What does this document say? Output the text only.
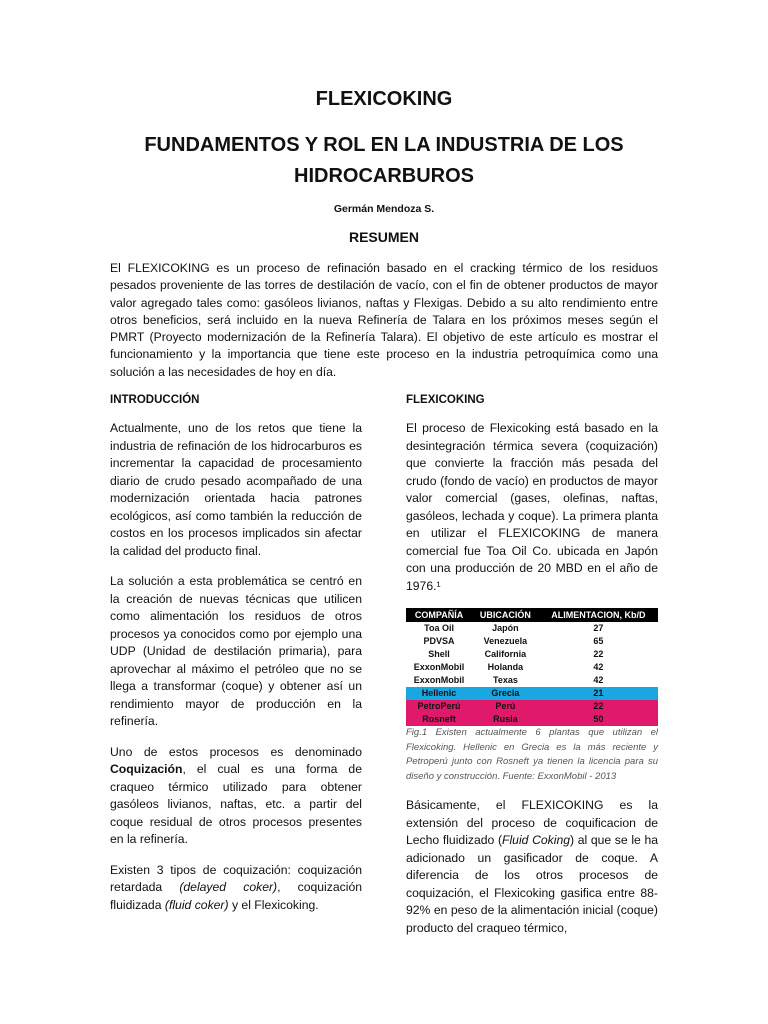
FLEXICOKING
FUNDAMENTOS Y ROL EN LA INDUSTRIA DE LOS
HIDROCARBUROS
Germán Mendoza S.
RESUMEN

El FLEXICOKING es un proceso de refinación basado en el cracking térmico de los residuos pesados proveniente de las torres de destilación de vacío, con el fin de obtener productos de mayor valor agregado tales como: gasóleos livianos, naftas y Flexigas. Debido a su alto rendimiento entre otros beneficios, será incluido en la nueva Refinería de Talara en los próximos meses según el PMRT (Proyecto modernización de la Refinería Talara). El objetivo de este artículo es mostrar el funcionamiento y la importancia que tiene este proceso en la industria petroquímica como una solución a las necesidades de hoy en día.

INTRODUCCIÓN

Actualmente, uno de los retos que tiene la industria de refinación de los hidrocarburos es incrementar la capacidad de procesamiento diario de crudo pesado acompañado de una modernización orientada hacia patrones ecológicos, así como también la reducción de costos en los procesos implicados sin afectar la calidad del producto final.

La solución a esta problemática se centró en la creación de nuevas técnicas que utilicen como alimentación los residuos de otros procesos ya conocidos como por ejemplo una UDP (Unidad de destilación primaria), para aprovechar al máximo el petróleo que no se llega a transformar (coque) y obtener así un rendimiento mayor de producción en la refinería.

Uno de estos procesos es denominado Coquización, el cual es una forma de craqueo térmico utilizado para obtener gasóleos livianos, naftas, etc. a partir del coque residual de otros procesos presentes en la refinería.

Existen 3 tipos de coquización: coquización retardada (delayed coker), coquización fluidizada (fluid coker) y el Flexicoking.

FLEXICOKING

El proceso de Flexicoking está basado en la desintegración térmica severa (coquización) que convierte la fracción más pesada del crudo (fondo de vacío) en productos de mayor valor comercial (gases, olefinas, naftas, gasóleos, lechada y coque). La primera planta en utilizar el FLEXICOKING de manera comercial fue Toa Oil Co. ubicada en Japón con una producción de 20 MBD en el año de 1976.¹

COMPAÑÍA	UBICACIÓN	ALIMENTACION, Kb/D
Toa Oil	Japón	27
PDVSA	Venezuela	65
Shell	California	22
ExxonMobil	Holanda	42
ExxonMobil	Texas	42
Hellenic	Grecia	21
PetroPerú	Perú	22
Rosneft	Rusia	50

Fig.1 Existen actualmente 6 plantas que utilizan el Flexicoking. Hellenic en Grecia es la más reciente y Petroperú junto con Rosneft ya tienen la licencia para su diseño y construcción. Fuente: ExxonMobil - 2013

Básicamente, el FLEXICOKING es la extensión del proceso de coquificacion de Lecho fluidizado (Fluid Coking) al que se le ha adicionado un gasificador de coque. A diferencia de los otros procesos de coquización, el Flexicoking gasifica entre 88-92% en peso de la alimentación inicial (coque) producto del craqueo térmico,
